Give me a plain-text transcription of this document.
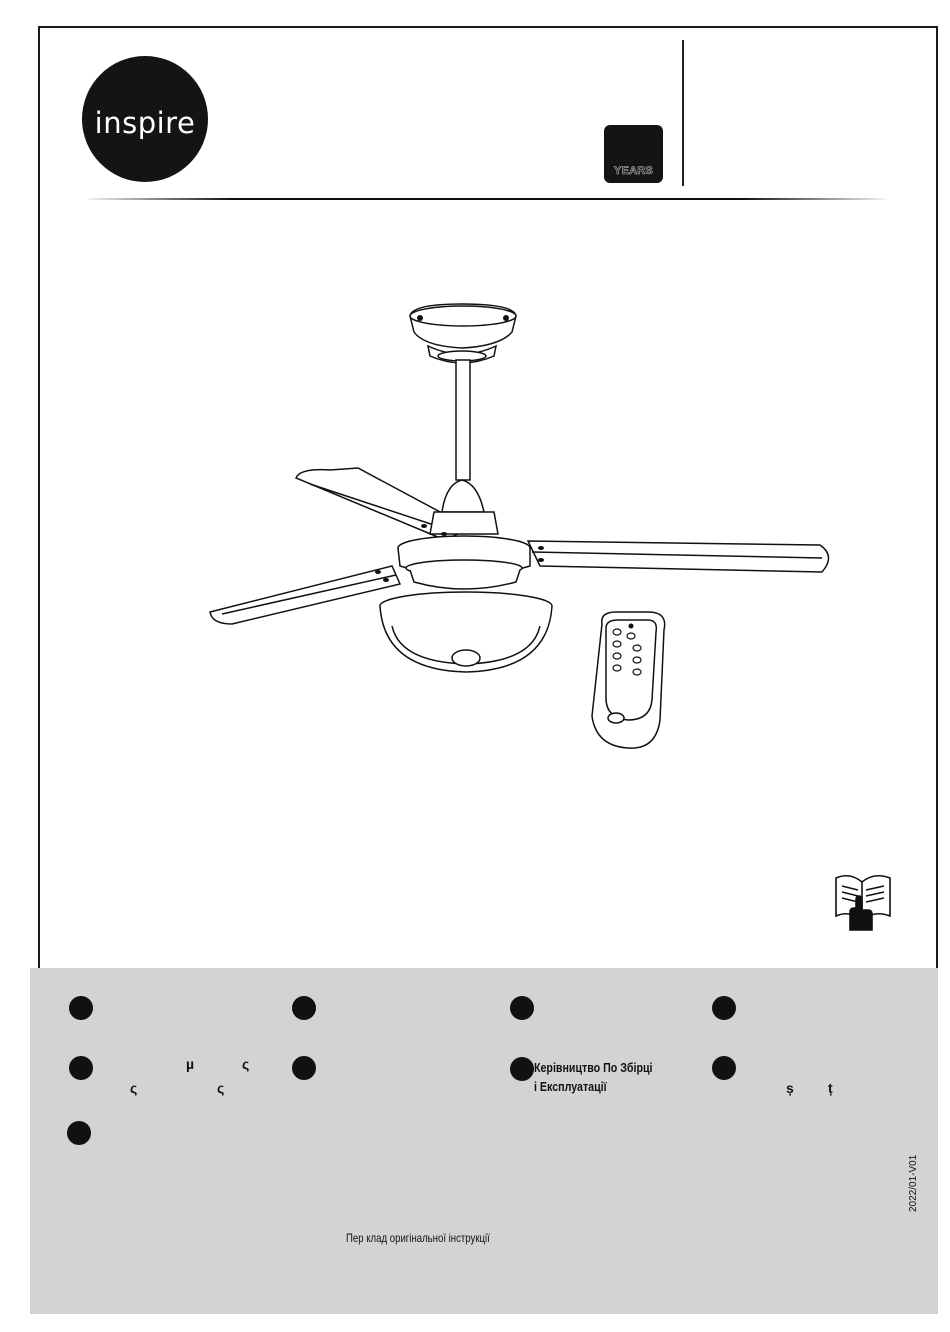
inspire
YEARS
µ	ς
ς	ς
Керівництво По Збірці
і Експлуатації	ș ț
Пер клад оригінальної інструкції
2022/01-V01
